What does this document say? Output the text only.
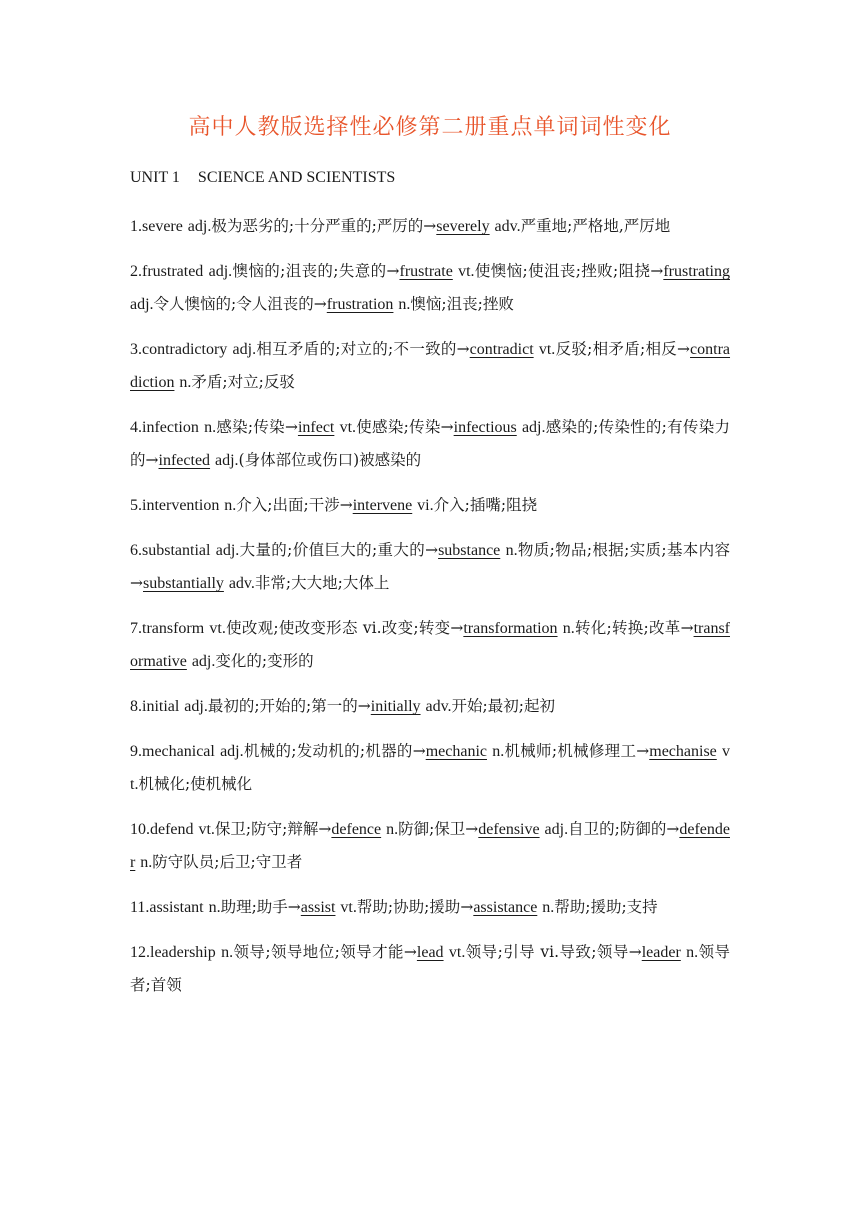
高中人教版选择性必修第二册重点单词词性变化
UNIT 1 SCIENCE AND SCIENTISTS
1.severe adj.极为恶劣的;十分严重的;严厉的→severely adv.严重地;严格地,严厉地
2.frustrated adj.懊恼的;沮丧的;失意的→frustrate vt.使懊恼;使沮丧;挫败;阻挠→frustrating adj.令人懊恼的;令人沮丧的→frustration n.懊恼;沮丧;挫败
3.contradictory adj.相互矛盾的;对立的;不一致的→contradict vt.反驳;相矛盾;相反→contradiction n.矛盾;对立;反驳
4.infection n.感染;传染→infect vt.使感染;传染→infectious adj.感染的;传染性的;有传染力的→infected adj.(身体部位或伤口)被感染的
5.intervention n.介入;出面;干涉→intervene vi.介入;插嘴;阻挠
6.substantial adj.大量的;价值巨大的;重大的→substance n.物质;物品;根据;实质;基本内容→substantially adv.非常;大大地;大体上
7.transform vt.使改观;使改变形态 vi.改变;转变→transformation n.转化;转换;改革→transformative adj.变化的;变形的
8.initial adj.最初的;开始的;第一的→initially adv.开始;最初;起初
9.mechanical adj.机械的;发动机的;机器的→mechanic n.机械师;机械修理工→mechanise vt.机械化;使机械化
10.defend vt.保卫;防守;辩解→defence n.防御;保卫→defensive adj.自卫的;防御的→defender n.防守队员;后卫;守卫者
11.assistant n.助理;助手→assist vt.帮助;协助;援助→assistance n.帮助;援助;支持
12.leadership n.领导;领导地位;领导才能→lead vt.领导;引导 vi.导致;领导→leader n.领导者;首领
